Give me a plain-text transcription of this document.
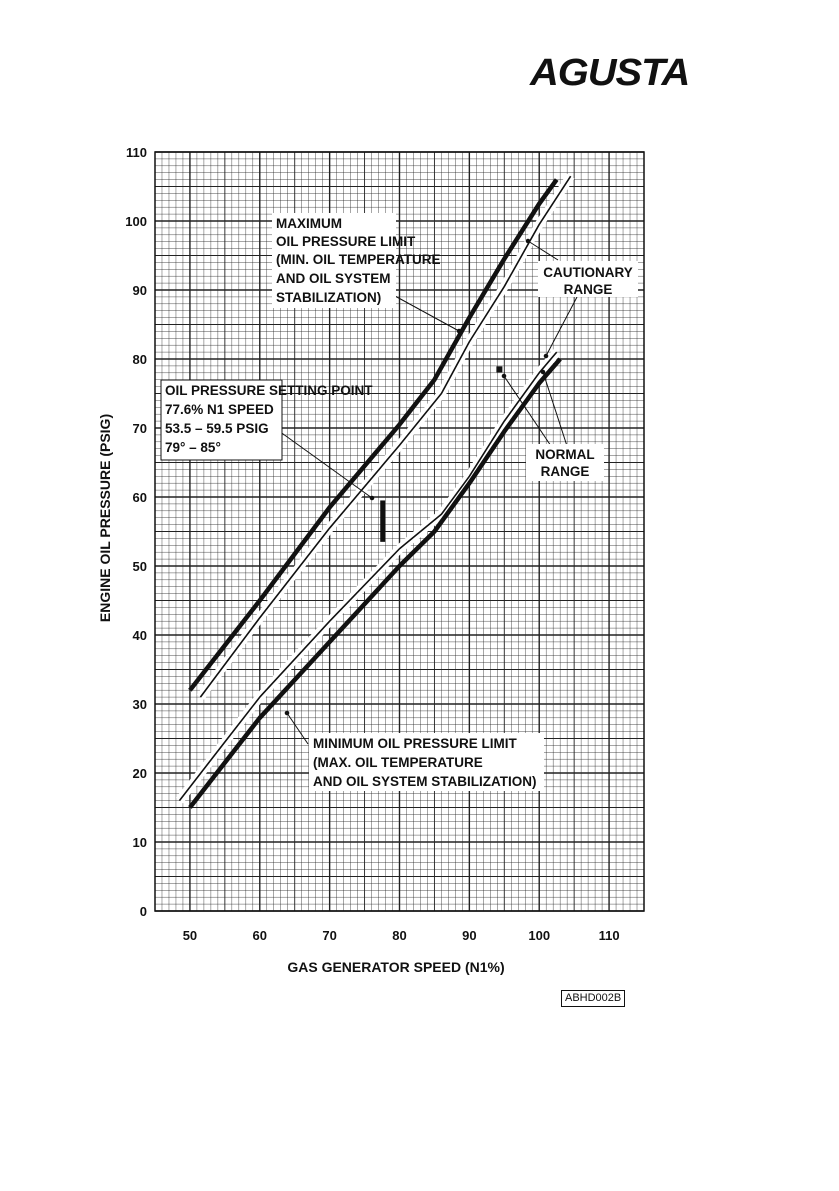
AGUSTA
50	60	70	80	90	100	110
0
10
20
30
40
50
60
70
80
90
100
110
MAXIMUM
OIL PRESSURE LIMIT
(MIN. OIL TEMPERATURE
AND OIL SYSTEM
STABILIZATION)
CAUTIONARY
RANGE
OIL PRESSURE SETTING POINT
77.6% N1 SPEED
53.5 – 59.5 PSIG
79° – 85°	NORMAL
RANGE
MINIMUM OIL PRESSURE LIMIT
(MAX. OIL TEMPERATURE
AND OIL SYSTEM STABILIZATION)
GAS GENERATOR SPEED (N1%)
ENGINE OIL PRESSURE (PSIG)
ABHD002B
